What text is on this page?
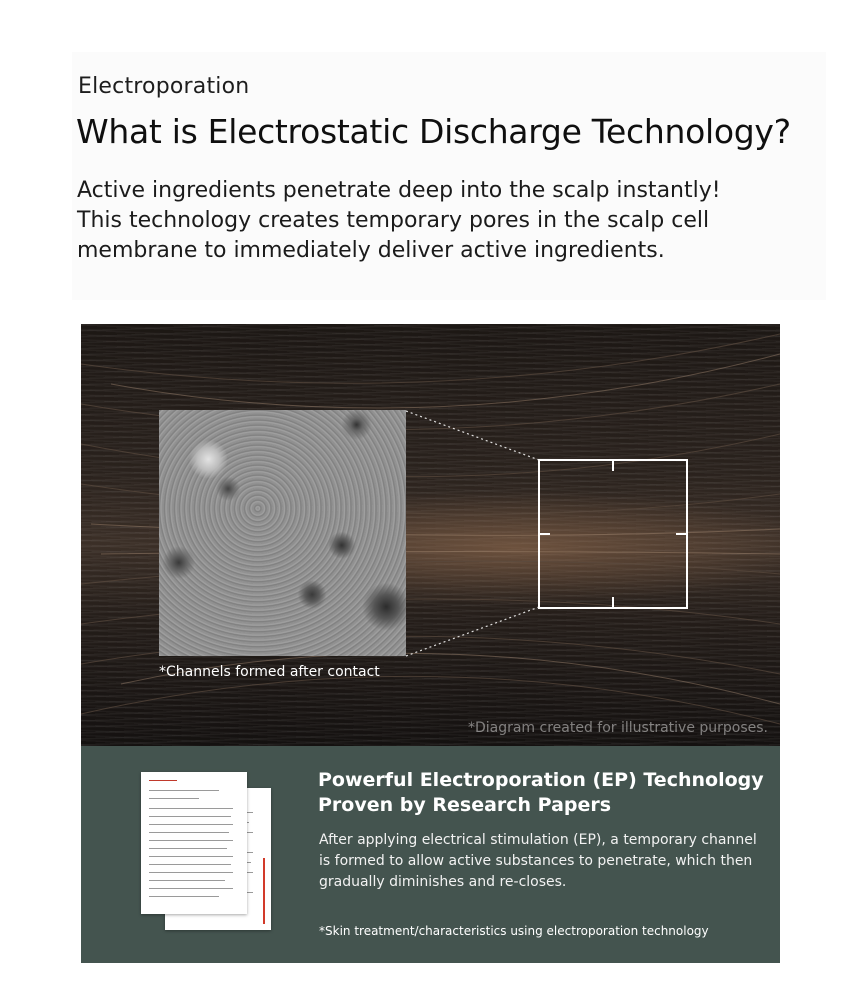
Electroporation
What is Electrostatic Discharge Technology?

Active ingredients penetrate deep into the scalp instantly!
This technology creates temporary pores in the scalp cell
membrane to immediately deliver active ingredients.

*Channels formed after contact
*Diagram created for illustrative purposes.
Powerful Electroporation (EP) Technology
Proven by Research Papers

After applying electrical stimulation (EP), a temporary channel
is formed to allow active substances to penetrate, which then
gradually diminishes and re-closes.

*Skin treatment/characteristics using electroporation technology
